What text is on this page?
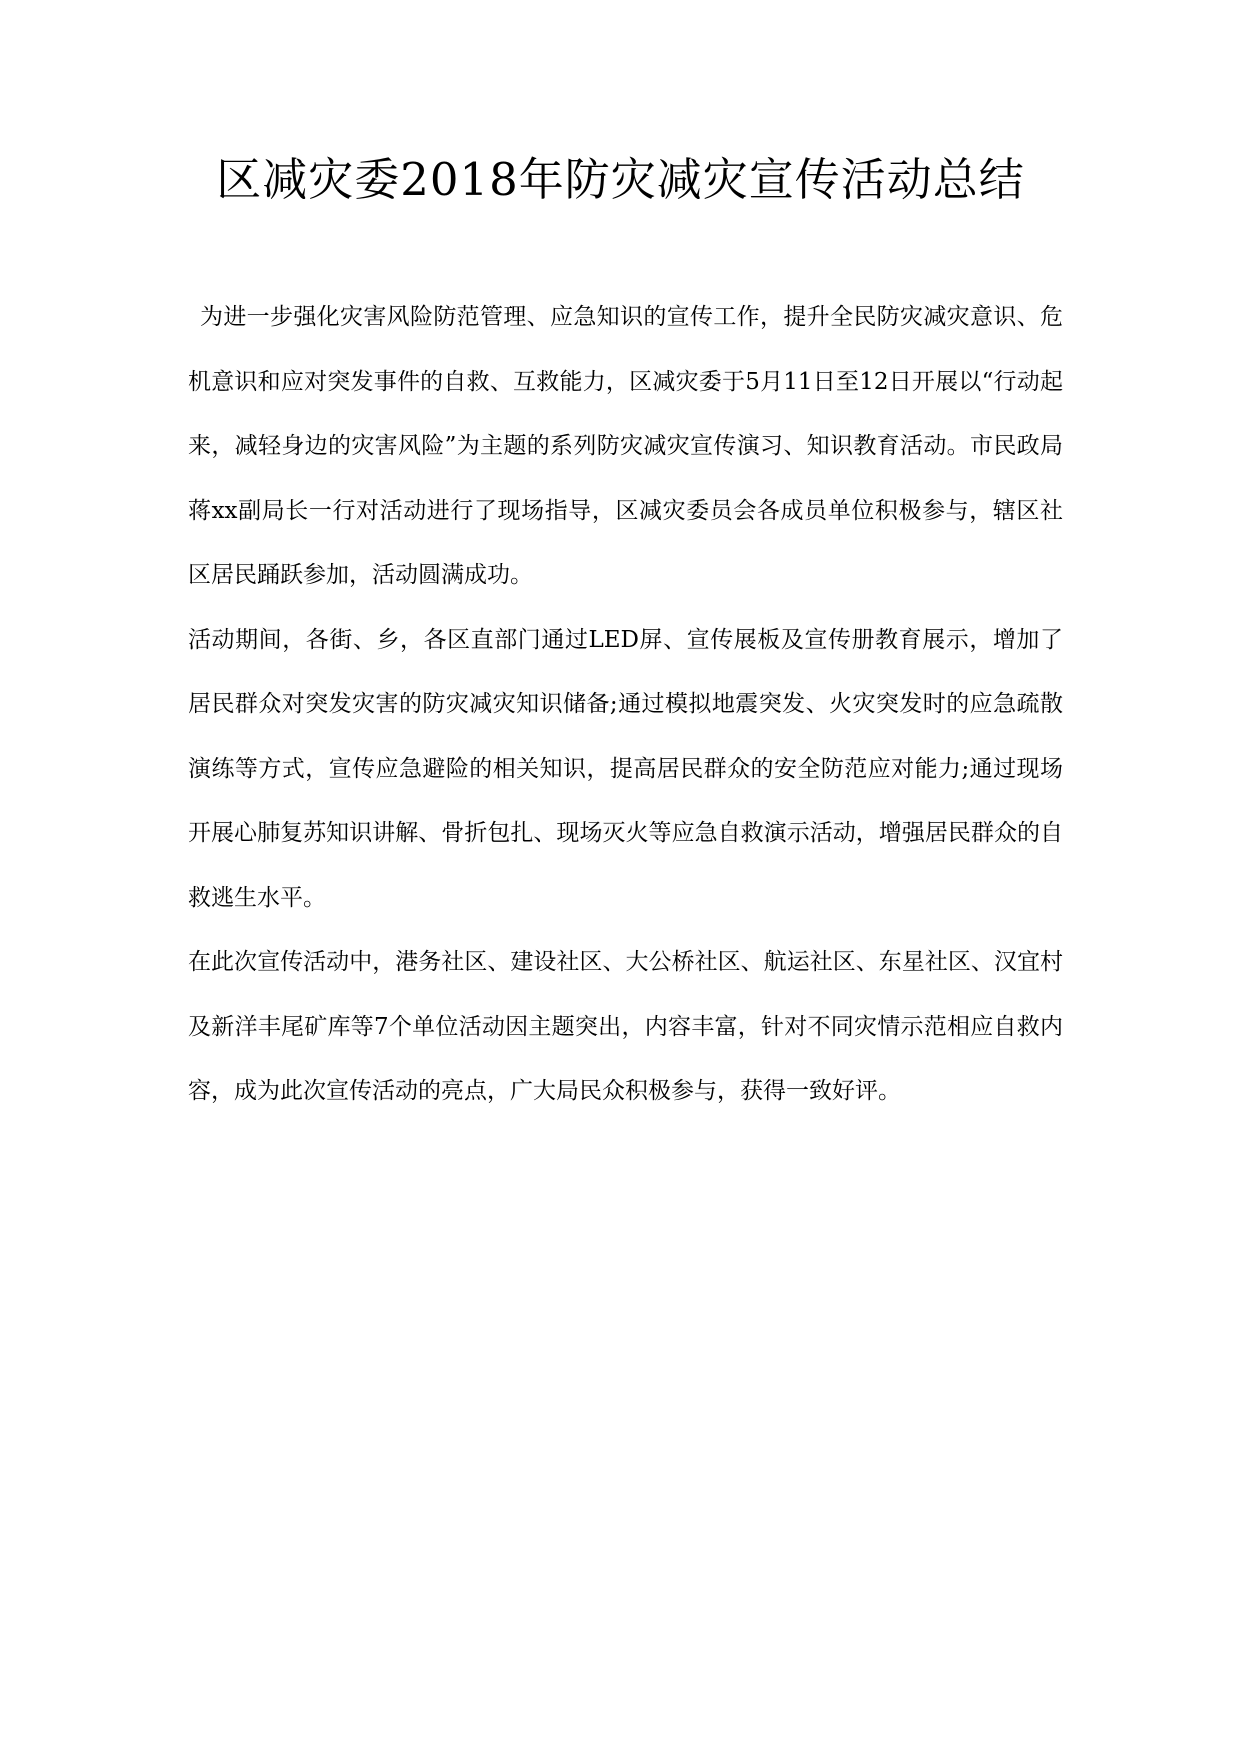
区减灾委2018年防灾减灾宣传活动总结

为进一步强化灾害风险防范管理、应急知识的宣传工作，提升全民防灾减灾意识、危机意识和应对突发事件的自救、互救能力，区减灾委于5月11日至12日开展以“行动起来，减轻身边的灾害风险”为主题的系列防灾减灾宣传演习、知识教育活动。市民政局蒋xx副局长一行对活动进行了现场指导，区减灾委员会各成员单位积极参与，辖区社区居民踊跃参加，活动圆满成功。

活动期间，各街、乡，各区直部门通过LED屏、宣传展板及宣传册教育展示，增加了居民群众对突发灾害的防灾减灾知识储备;通过模拟地震突发、火灾突发时的应急疏散演练等方式，宣传应急避险的相关知识，提高居民群众的安全防范应对能力;通过现场开展心肺复苏知识讲解、骨折包扎、现场灭火等应急自救演示活动，增强居民群众的自救逃生水平。

在此次宣传活动中，港务社区、建设社区、大公桥社区、航运社区、东星社区、汉宜村及新洋丰尾矿库等7个单位活动因主题突出，内容丰富，针对不同灾情示范相应自救内容，成为此次宣传活动的亮点，广大局民众积极参与，获得一致好评。
